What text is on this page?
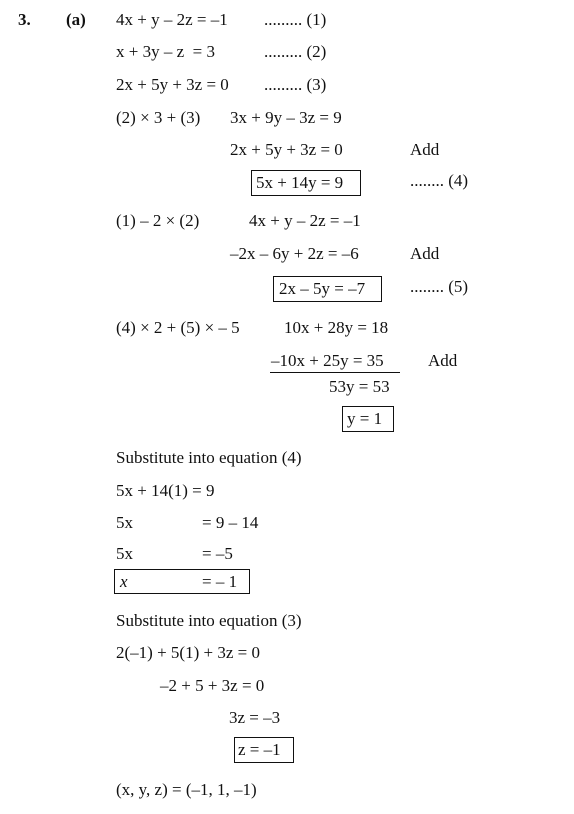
3. (a) 4x + y – 2z = –1 ......... (1)
x + 3y – z  = 3	......... (2)
2x + 5y + 3z = 0 ......... (3)
(2) × 3 + (3) 3x + 9y – 3z = 9
2x + 5y + 3z = 0	Add
5x + 14y = 9	........ (4)
(1) – 2 × (2)	4x + y – 2z = –1
–2x – 6y + 2z = –6	Add
2x – 5y = –7	........ (5)
(4) × 2 + (5) × – 5	10x + 28y = 18
–10x + 25y = 35	Add
53y = 53
y = 1
Substitute into equation (4)
5x + 14(1) = 9
5x	= 9 – 14
5x	= –5
x	= – 1
Substitute into equation (3)
2(–1) + 5(1) + 3z = 0
–2 + 5 + 3z = 0
3z = –3
z = –1
(x, y, z) = (–1, 1, –1)
